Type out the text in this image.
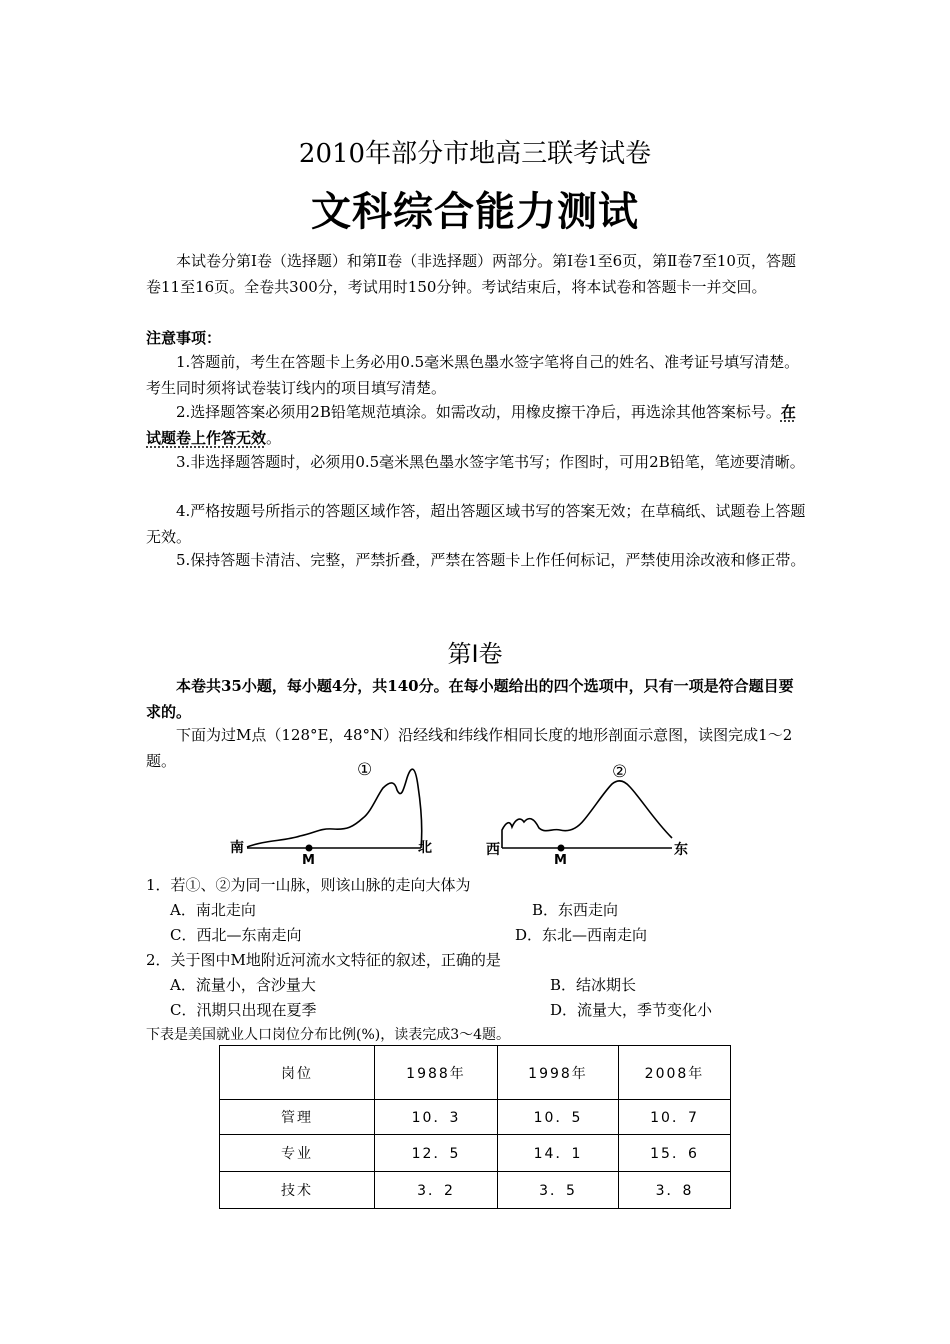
2010年部分市地高三联考试卷
文科综合能力测试
本试卷分第Ⅰ卷（选择题）和第Ⅱ卷（非选择题）两部分。第Ⅰ卷1至6页，第Ⅱ卷7至10页，答题卷11至16页。全卷共300分，考试用时150分钟。考试结束后，将本试卷和答题卡一并交回。
注意事项：
1.答题前，考生在答题卡上务必用0.5毫米黑色墨水签字笔将自己的姓名、准考证号填写清楚。考生同时须将试卷装订线内的项目填写清楚。
2.选择题答案必须用2B铅笔规范填涂。如需改动，用橡皮擦干净后，再选涂其他答案标号。在试题卷上作答无效。
3.非选择题答题时，必须用0.5毫米黑色墨水签字笔书写；作图时，可用2B铅笔，笔迹要清晰。
4.严格按题号所指示的答题区域作答，超出答题区域书写的答案无效；在草稿纸、试题卷上答题无效。
5.保持答题卡清洁、完整，严禁折叠，严禁在答题卡上作任何标记，严禁使用涂改液和修正带。
第Ⅰ卷
本卷共35小题，每小题4分，共140分。在每小题给出的四个选项中，只有一项是符合题目要求的。
下面为过M点（128°E，48°N）沿经线和纬线作相同长度的地形剖面示意图，读图完成1～2题。	①
南	北
M
②
西	东
M
1．若①、②为同一山脉，则该山脉的走向大体为
A．南北走向	B．东西走向
C．西北—东南走向	D．东北—西南走向
2．关于图中M地附近河流水文特征的叙述，正确的是
A．流量小，含沙量大	B．结冰期长
C．汛期只出现在夏季	D．流量大，季节变化小
下表是美国就业人口岗位分布比例(%)，读表完成3～4题。
岗位	1988年	1998年	2008年
管理	10．3	10．5	10．7
专业	12．5	14．1	15．6
技术	3．2	3．5	3．8
